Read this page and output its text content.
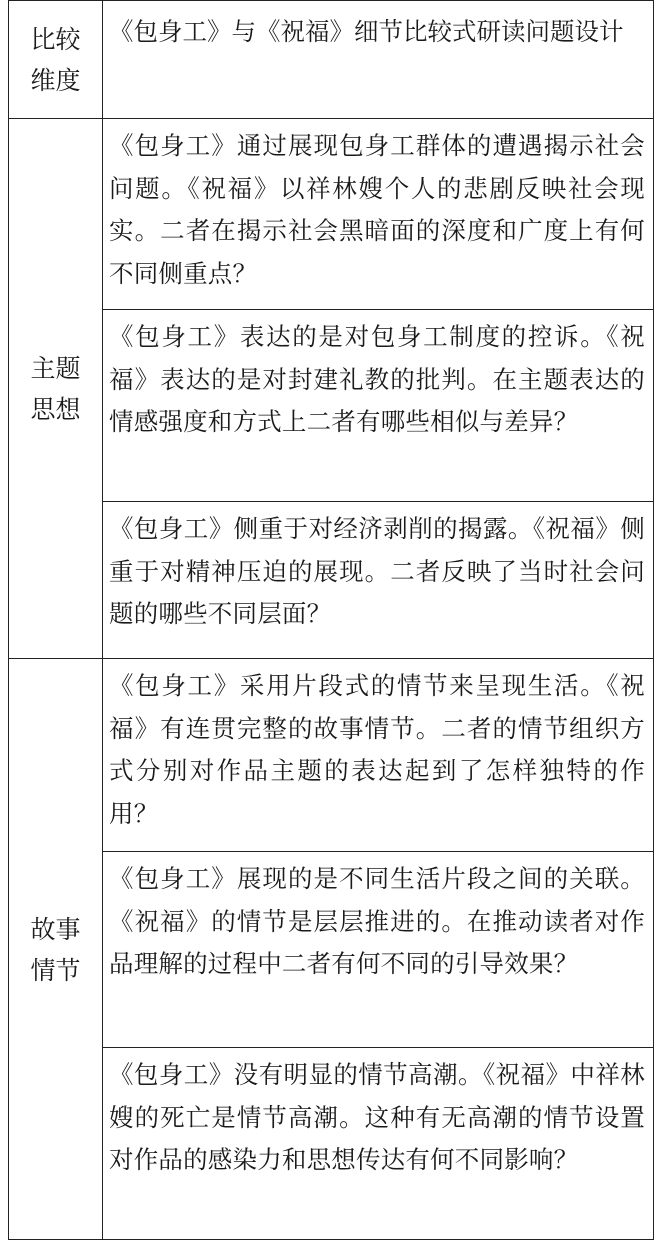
比较维度
《包身工》与《祝福》细节比较式研读问题设计
主题思想
《包身工》通过展现包身工群体的遭遇揭示社会问题。《祝福》以祥林嫂个人的悲剧反映社会现实。二者在揭示社会黑暗面的深度和广度上有何不同侧重点？
《包身工》表达的是对包身工制度的控诉。《祝福》表达的是对封建礼教的批判。在主题表达的情感强度和方式上二者有哪些相似与差异？
《包身工》侧重于对经济剥削的揭露。《祝福》侧重于对精神压迫的展现。二者反映了当时社会问题的哪些不同层面？
故事情节
《包身工》采用片段式的情节来呈现生活。《祝福》有连贯完整的故事情节。二者的情节组织方式分别对作品主题的表达起到了怎样独特的作用？
《包身工》展现的是不同生活片段之间的关联。《祝福》的情节是层层推进的。在推动读者对作品理解的过程中二者有何不同的引导效果？
《包身工》没有明显的情节高潮。《祝福》中祥林嫂的死亡是情节高潮。这种有无高潮的情节设置对作品的感染力和思想传达有何不同影响？
